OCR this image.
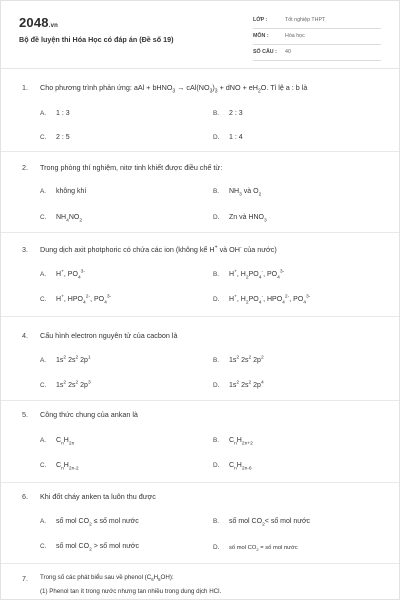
2048.vn
Bộ đề luyện thi Hóa Học có đáp án (Đề số 19)
LỚP :	Tốt nghiệp THPT
MÔN :	Hóa học
SỐ CÂU : 40
1. Cho phương trình phản ứng: aAl + bHNO$_3$ → $cAl(NO_3)_3$ + dNO + $eH_2O$. Tỉ lệ a : b là
A. 1 : 3	B. 2 : 3
C. 2 : 5	D. 1 : 4
2. Trong phòng thí nghiệm, nitơ tinh khiết được điều chế từ:
A. không khí	B. $NH_3$ và $O_2$
C. $NH_4NO_2$	D. Zn và $HNO_3$
3. Dung dịch axit photphoric có chứa các ion (không kể H+ và OH- của nước)
A. H+, $PO_4^{3-}$	B. H+, $H_2PO_4^-$, $PO_4^{3-}$
C. H+, $HPO_4^{2-}$, $PO_4^{3-}$	D. H+, $H_2PO_4^-$, $HPO_4^{2-}$, $PO_4^{3-}$
4. Cấu hình electron nguyên tử của cacbon là
A. $1s^2$ $2s^2$ $2p^1$	B. $1s^2$ $2s^2$ $2p^2$
C. $1s^2$ $2s^2$ $2p^3$	D. $1s^2$ $2s^2$ $2p^4$
5. Công thức chung của ankan là
A. $C_nH_{2n}$	B. $C_nH_{2n+2}$
C. $C_nH_{2n-2}$	D. $C_nH_{2n-6}$
6. Khi đốt cháy anken ta luôn thu được
A. số mol $CO_2$ ≤ số mol nước	B. số mol $CO_2<$ số mol nước
C. số mol $CO_2$ > số mol nước	D. số mol $CO_2$ = số mol nước
7. Trong số các phát biểu sau về phenol $(C_6H_5OH)$:
(1) Phenol tan ít trong nước nhưng tan nhiều trong dung dịch HCl.
